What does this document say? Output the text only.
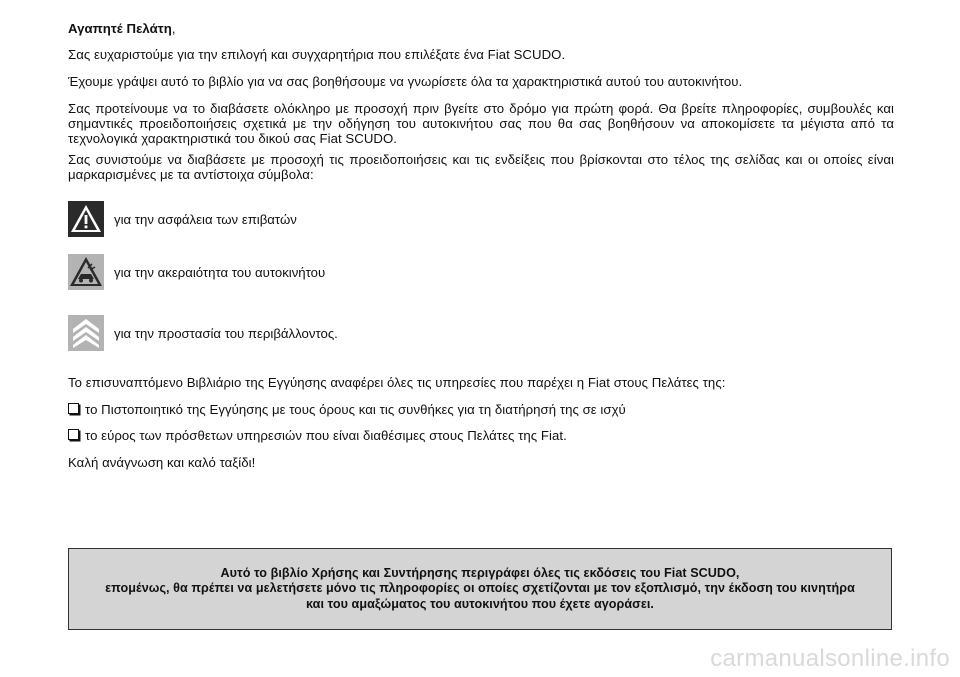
Αγαπητέ Πελάτη,

Σας ευχαριστούμε για την επιλογή και συγχαρητήρια που επιλέξατε ένα Fiat SCUDO.

Έχουμε γράψει αυτό το βιβλίο για να σας βοηθήσουμε να γνωρίσετε όλα τα χαρακτηριστικά αυτού του αυτοκινήτου.

Σας προτείνουμε να το διαβάσετε ολόκληρο με προσοχή πριν βγείτε στο δρόμο για πρώτη φορά. Θα βρείτε πληροφορίες, συμβουλές και σημαντικές προειδοποιήσεις σχετικά με την οδήγηση του αυτοκινήτου σας που θα σας βοηθήσουν να αποκομίσετε τα μέγιστα από τα τεχνολογικά χαρακτηριστικά του δικού σας Fiat SCUDO.

Σας συνιστούμε να διαβάσετε με προσοχή τις προειδοποιήσεις και τις ενδείξεις που βρίσκονται στο τέλος της σελίδας και οι οποίες είναι μαρκαρισμένες με τα αντίστοιχα σύμβολα:

για την ασφάλεια των επιβατών
για την ακεραιότητα του αυτοκινήτου
για την προστασία του περιβάλλοντος.

Το επισυναπτόμενο Βιβλιάριο της Εγγύησης αναφέρει όλες τις υπηρεσίες που παρέχει η Fiat στους Πελάτες της:

το Πιστοποιητικό της Εγγύησης με τους όρους και τις συνθήκες για τη διατήρησή της σε ισχύ

το εύρος των πρόσθετων υπηρεσιών που είναι διαθέσιμες στους Πελάτες της Fiat.

Καλή ανάγνωση και καλό ταξίδι!

Αυτό το βιβλίο Χρήσης και Συντήρησης περιγράφει όλες τις εκδόσεις του Fiat SCUDO,

επομένως, θα πρέπει να μελετήσετε μόνο τις πληροφορίες οι οποίες σχετίζονται με τον εξοπλισμό, την έκδοση του κινητήρα

και του αμαξώματος του αυτοκινήτου που έχετε αγοράσει.

carmanualsonline.info
